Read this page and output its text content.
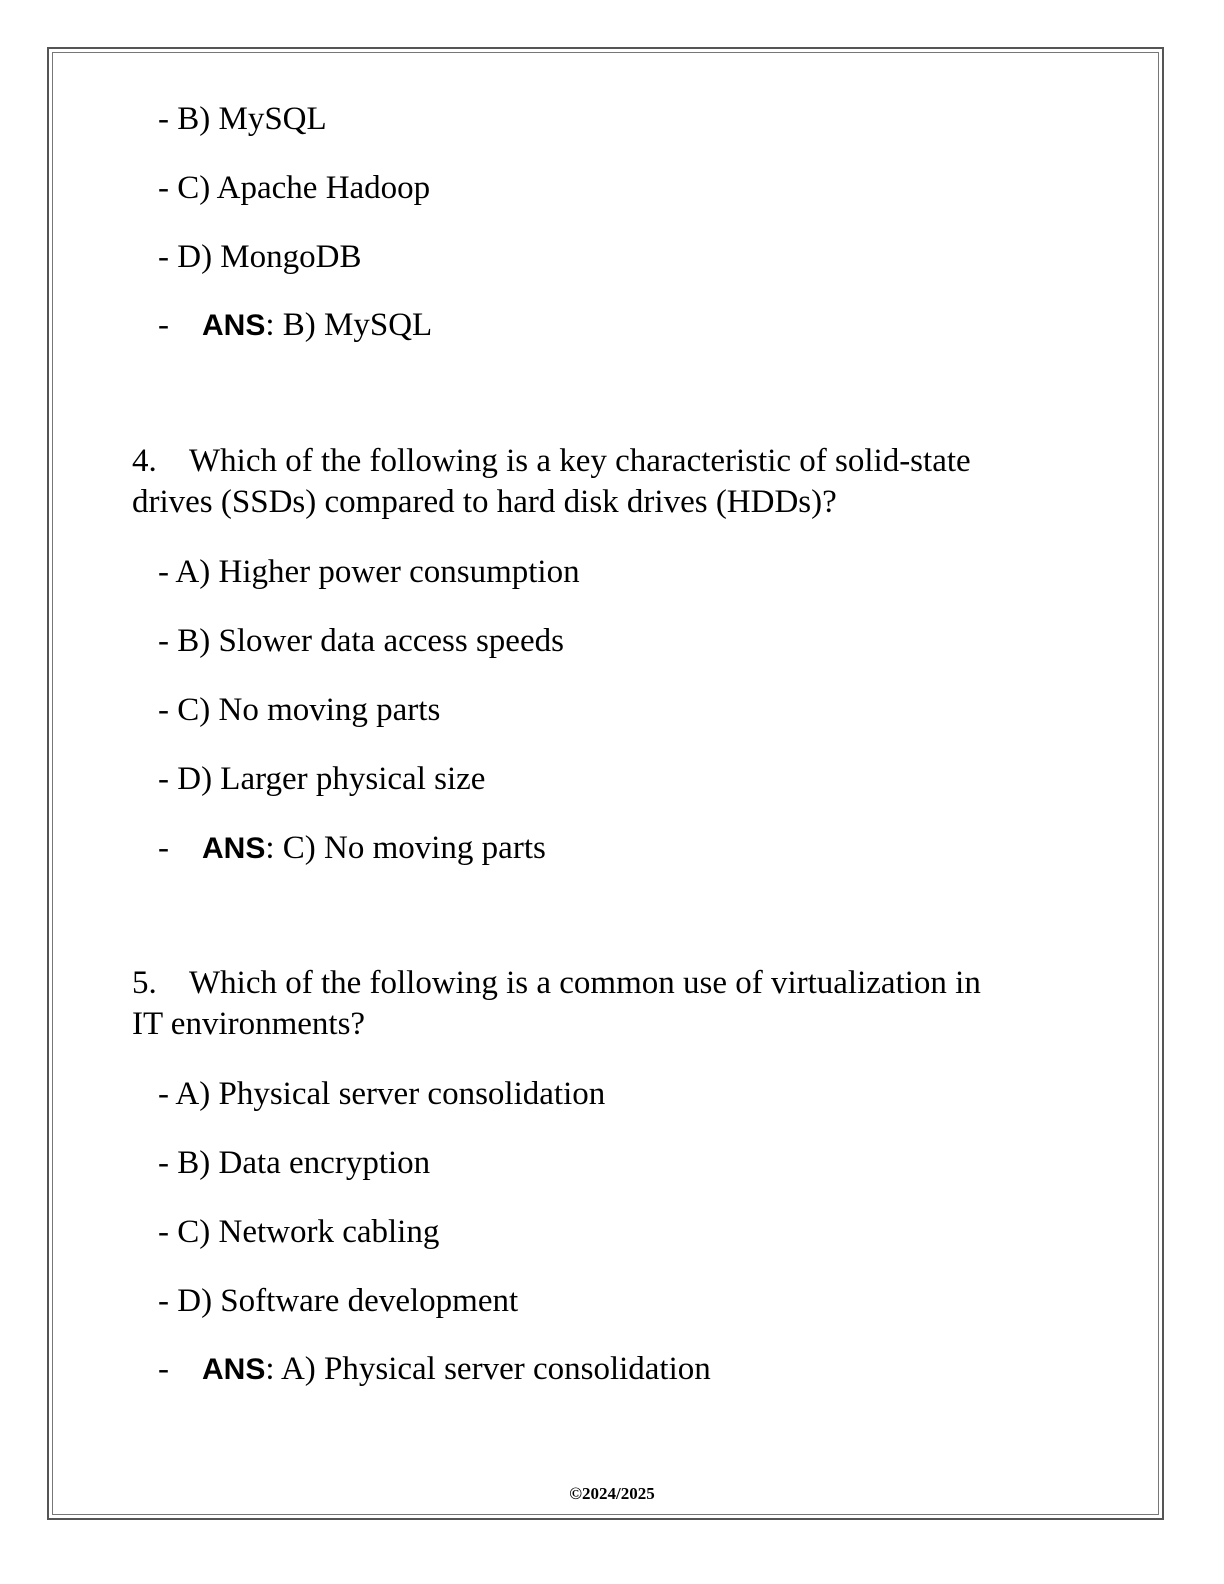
- B) MySQL
- C) Apache Hadoop
- D) MongoDB
- ANS: B) MySQL
4. Which of the following is a key characteristic of solid-state
drives (SSDs) compared to hard disk drives (HDDs)?
- A) Higher power consumption
- B) Slower data access speeds
- C) No moving parts
- D) Larger physical size
- ANS: C) No moving parts
5. Which of the following is a common use of virtualization in
IT environments?
- A) Physical server consolidation
- B) Data encryption
- C) Network cabling
- D) Software development
- ANS: A) Physical server consolidation
©2024/2025
